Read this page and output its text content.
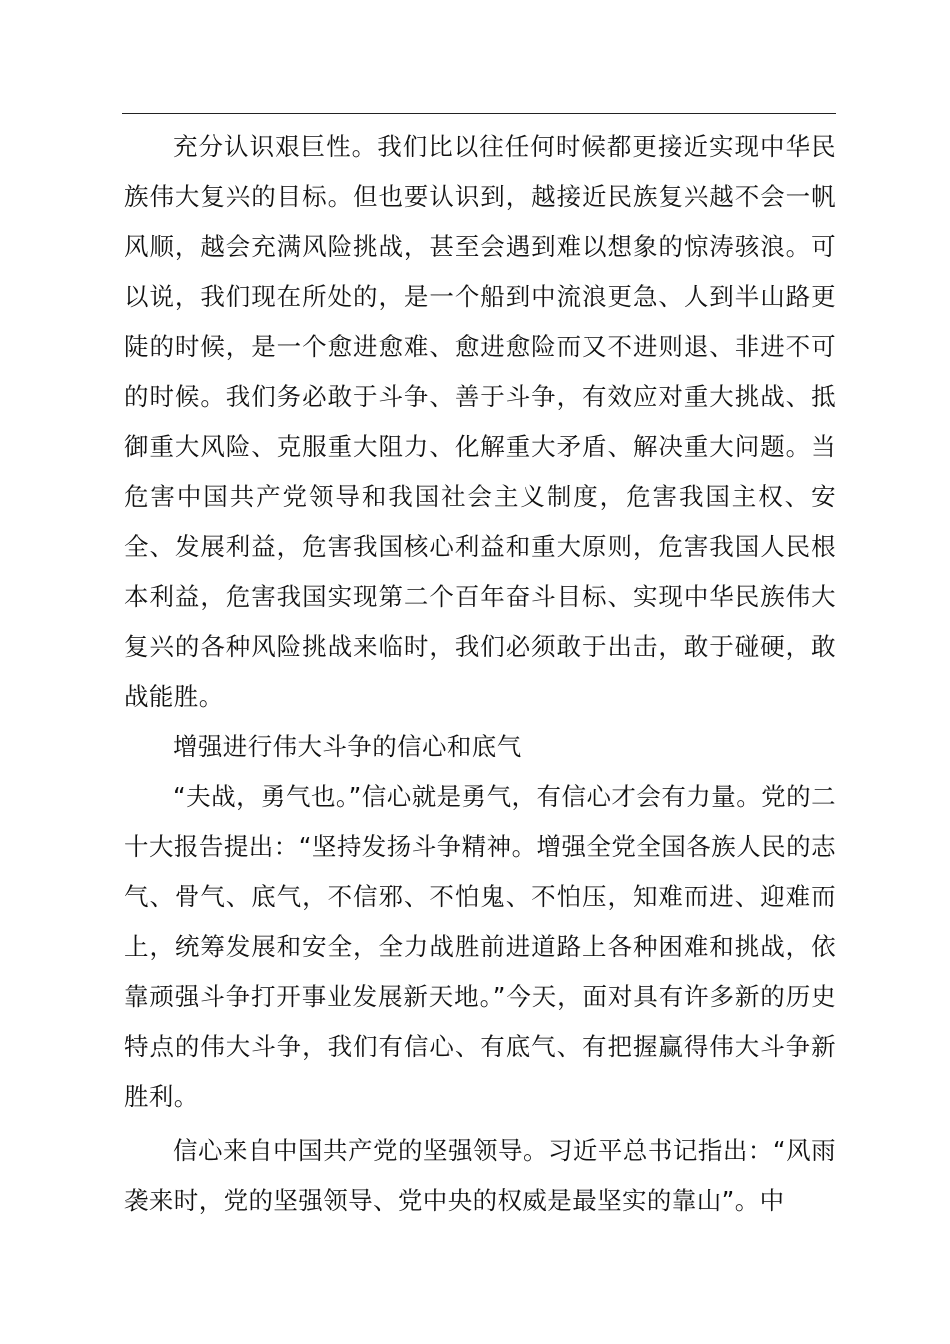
充分认识艰巨性。我们比以往任何时候都更接近实现中华民族伟大复兴的目标。但也要认识到，越接近民族复兴越不会一帆风顺，越会充满风险挑战，甚至会遇到难以想象的惊涛骇浪。可以说，我们现在所处的，是一个船到中流浪更急、人到半山路更陡的时候，是一个愈进愈难、愈进愈险而又不进则退、非进不可的时候。我们务必敢于斗争、善于斗争，有效应对重大挑战、抵御重大风险、克服重大阻力、化解重大矛盾、解决重大问题。当危害中国共产党领导和我国社会主义制度，危害我国主权、安全、发展利益，危害我国核心利益和重大原则，危害我国人民根本利益，危害我国实现第二个百年奋斗目标、实现中华民族伟大复兴的各种风险挑战来临时，我们必须敢于出击，敢于碰硬，敢战能胜。

增强进行伟大斗争的信心和底气

“夫战，勇气也。”信心就是勇气，有信心才会有力量。党的二十大报告提出：“坚持发扬斗争精神。增强全党全国各族人民的志气、骨气、底气，不信邪、不怕鬼、不怕压，知难而进、迎难而上，统筹发展和安全，全力战胜前进道路上各种困难和挑战，依靠顽强斗争打开事业发展新天地。”今天，面对具有许多新的历史特点的伟大斗争，我们有信心、有底气、有把握赢得伟大斗争新胜利。

信心来自中国共产党的坚强领导。习近平总书记指出：“风雨袭来时，党的坚强领导、党中央的权威是最坚实的靠山”。中
